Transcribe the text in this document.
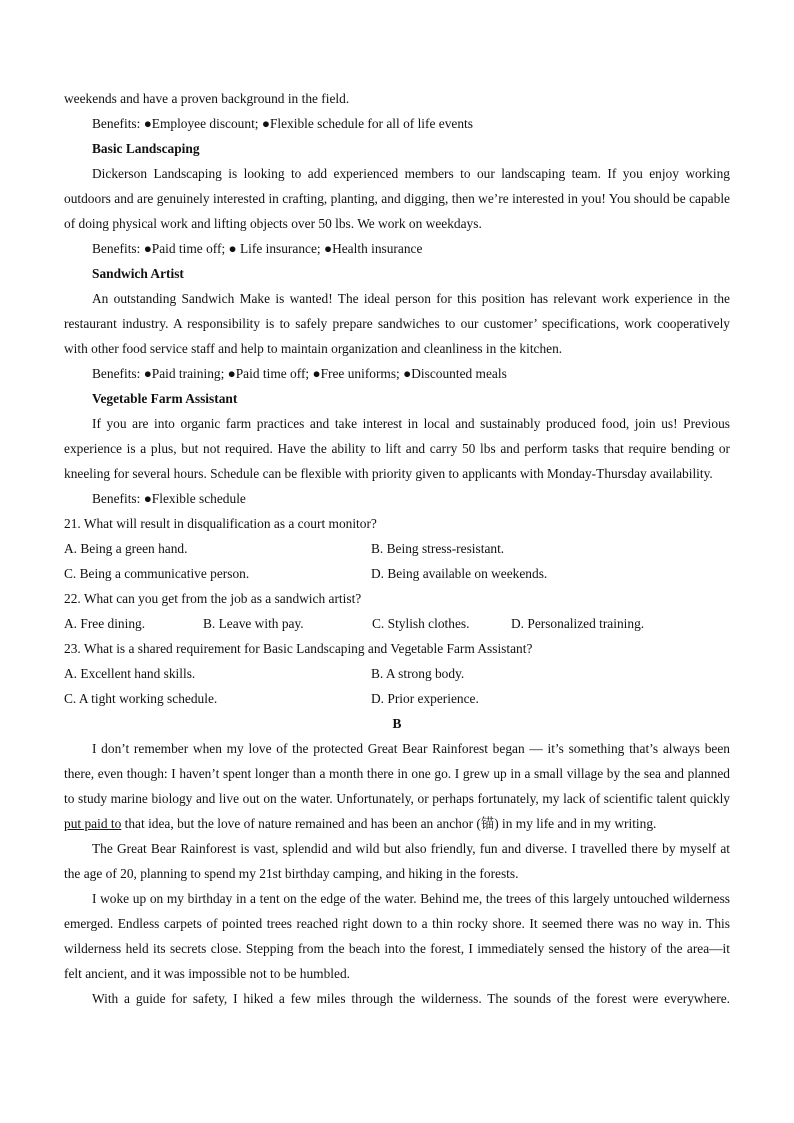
weekends and have a proven background in the field.

Benefits: ●Employee discount; ●Flexible schedule for all of life events

Basic Landscaping

Dickerson Landscaping is looking to add experienced members to our landscaping team. If you enjoy working outdoors and are genuinely interested in crafting, planting, and digging, then we’re interested in you! You should be capable of doing physical work and lifting objects over 50 lbs. We work on weekdays.

Benefits: ●Paid time off; ● Life insurance; ●Health insurance

Sandwich Artist

An outstanding Sandwich Make is wanted! The ideal person for this position has relevant work experience in the restaurant industry. A responsibility is to safely prepare sandwiches to our customer’ specifications, work cooperatively with other food service staff and help to maintain organization and cleanliness in the kitchen.

Benefits: ●Paid training; ●Paid time off; ●Free uniforms; ●Discounted meals

Vegetable Farm Assistant

If you are into organic farm practices and take interest in local and sustainably produced food, join us! Previous experience is a plus, but not required. Have the ability to lift and carry 50 lbs and perform tasks that require bending or kneeling for several hours. Schedule can be flexible with priority given to applicants with Monday-Thursday availability.

Benefits: ●Flexible schedule

21. What will result in disqualification as a court monitor?

A. Being a green hand.	B. Being stress-resistant.
C. Being a communicative person.	D. Being available on weekends.

22. What can you get from the job as a sandwich artist?

A. Free dining.	B. Leave with pay.	C. Stylish clothes.	D. Personalized training.

23. What is a shared requirement for Basic Landscaping and Vegetable Farm Assistant?

A. Excellent hand skills.	B. A strong body.
C. A tight working schedule.	D. Prior experience.

B

I don’t remember when my love of the protected Great Bear Rainforest began — it’s something that’s always been there, even though: I haven’t spent longer than a month there in one go. I grew up in a small village by the sea and planned to study marine biology and live out on the water. Unfortunately, or perhaps fortunately, my lack of scientific talent quickly put paid to that idea, but the love of nature remained and has been an anchor (锚) in my life and in my writing.

The Great Bear Rainforest is vast, splendid and wild but also friendly, fun and diverse. I travelled there by myself at the age of 20, planning to spend my 21st birthday camping, and hiking in the forests.

I woke up on my birthday in a tent on the edge of the water. Behind me, the trees of this largely untouched wilderness emerged. Endless carpets of pointed trees reached right down to a thin rocky shore. It seemed there was no way in. This wilderness held its secrets close. Stepping from the beach into the forest, I immediately sensed the history of the area—it felt ancient, and it was impossible not to be humbled.

With a guide for safety, I hiked a few miles through the wilderness. The sounds of the forest were everywhere.
